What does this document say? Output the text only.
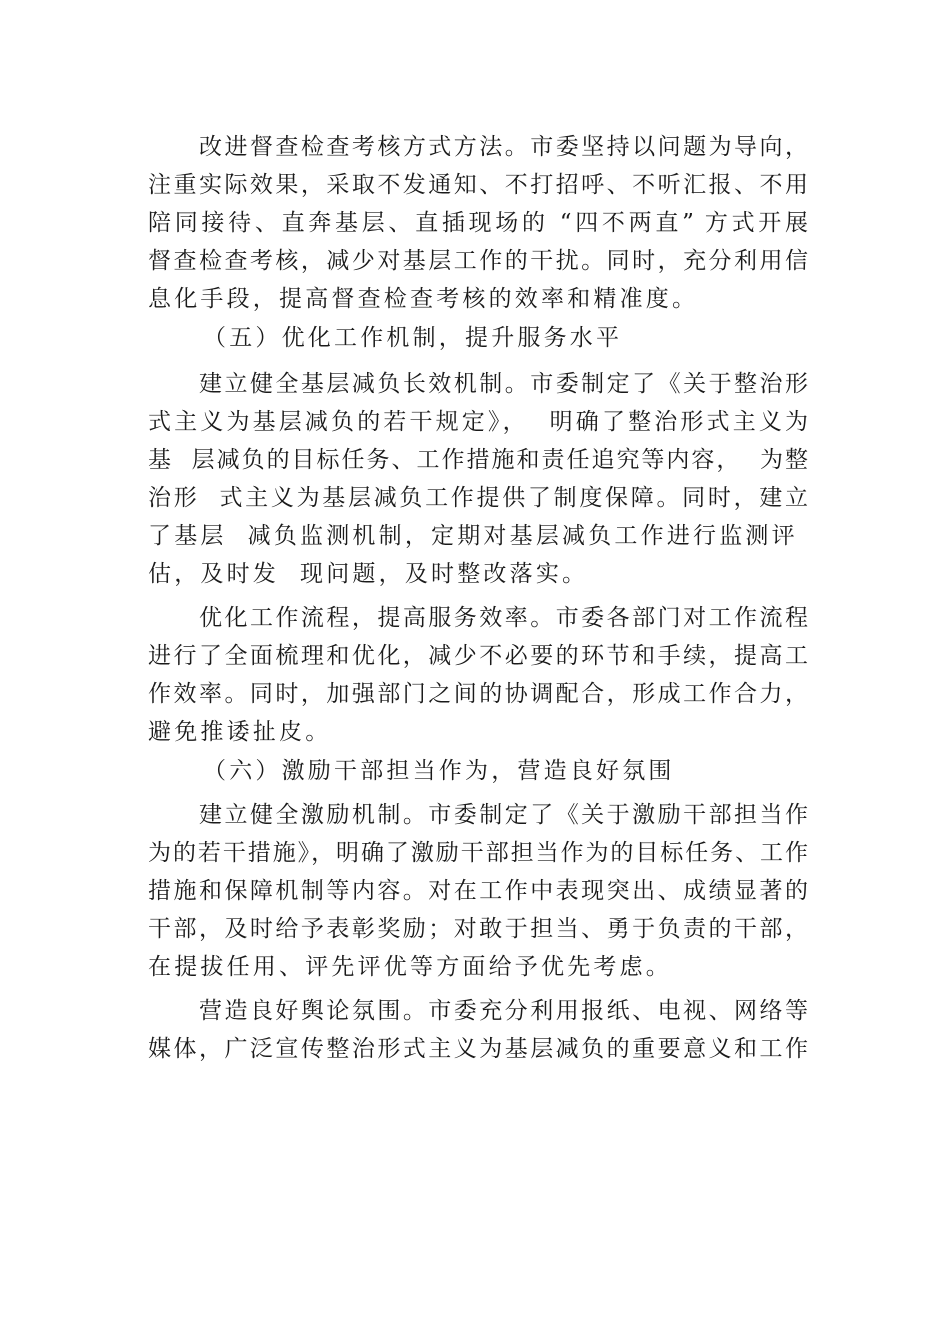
改进督查检查考核方式方法。市委坚持以问题为导向，
注重实际效果，采取不发通知、不打招呼、不听汇报、不用
陪同接待、直奔基层、直插现场的 “四不两直” 方式开展
督查检查考核，减少对基层工作的干扰。同时，充分利用信
息化手段，提高督查检查考核的效率和精准度。
（五）优化工作机制，提升服务水平
建立健全基层减负长效机制。市委制定了《关于整治形
式主义为基层减负的若干规定》，  明确了整治形式主义为
基  层减负的目标任务、工作措施和责任追究等内容，  为整
治形  式主义为基层减负工作提供了制度保障。同时，建立
了基层  减负监测机制，定期对基层减负工作进行监测评
估，及时发  现问题，及时整改落实。
优化工作流程，提高服务效率。市委各部门对工作流程
进行了全面梳理和优化，减少不必要的环节和手续，提高工
作效率。同时，加强部门之间的协调配合，形成工作合力，
避免推诿扯皮。
（六）激励干部担当作为，营造良好氛围
建立健全激励机制。市委制定了《关于激励干部担当作
为的若干措施》，明确了激励干部担当作为的目标任务、工作
措施和保障机制等内容。对在工作中表现突出、成绩显著的
干部，及时给予表彰奖励；对敢于担当、勇于负责的干部，
在提拔任用、评先评优等方面给予优先考虑。
营造良好舆论氛围。市委充分利用报纸、电视、网络等
媒体，广泛宣传整治形式主义为基层减负的重要意义和工作
